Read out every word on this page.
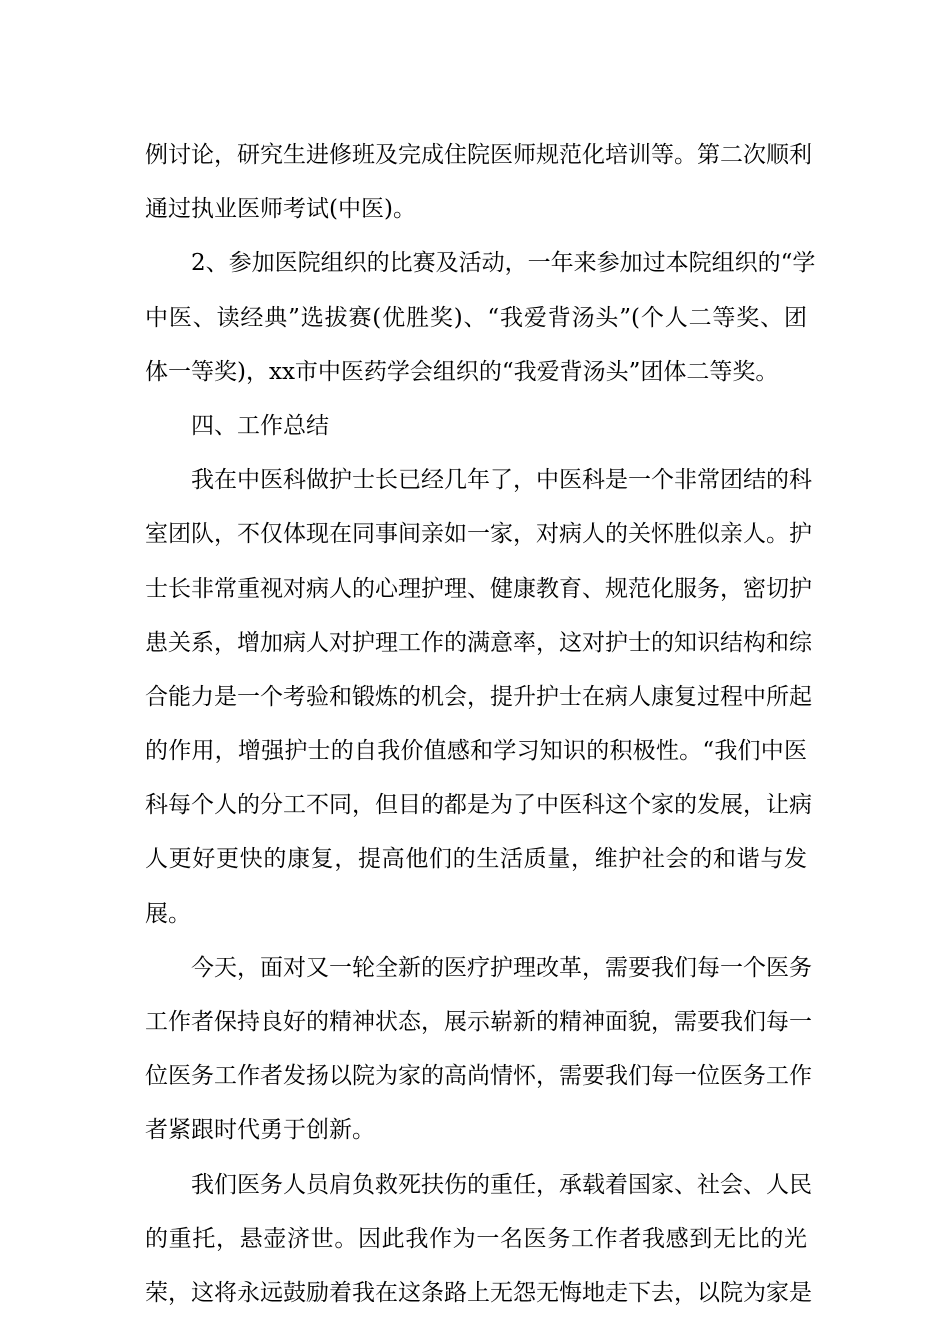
例讨论，研究生进修班及完成住院医师规范化培训等。第二次顺利
通过执业医师考试(中医)。
2、参加医院组织的比赛及活动，一年来参加过本院组织的“学
中医、读经典”选拔赛(优胜奖)、“我爱背汤头”(个人二等奖、团
体一等奖)，xx市中医药学会组织的“我爱背汤头”团体二等奖。
四、工作总结
我在中医科做护士长已经几年了，中医科是一个非常团结的科
室团队，不仅体现在同事间亲如一家，对病人的关怀胜似亲人。护
士长非常重视对病人的心理护理、健康教育、规范化服务，密切护
患关系，增加病人对护理工作的满意率，这对护士的知识结构和综
合能力是一个考验和锻炼的机会，提升护士在病人康复过程中所起
的作用，增强护士的自我价值感和学习知识的积极性。“我们中医
科每个人的分工不同，但目的都是为了中医科这个家的发展，让病
人更好更快的康复，提高他们的生活质量，维护社会的和谐与发
展。
今天，面对又一轮全新的医疗护理改革，需要我们每一个医务
工作者保持良好的精神状态，展示崭新的精神面貌，需要我们每一
位医务工作者发扬以院为家的高尚情怀，需要我们每一位医务工作
者紧跟时代勇于创新。
我们医务人员肩负救死扶伤的重任，承载着国家、社会、人民
的重托，悬壶济世。因此我作为一名医务工作者我感到无比的光
荣，这将永远鼓励着我在这条路上无怨无悔地走下去，以院为家是
